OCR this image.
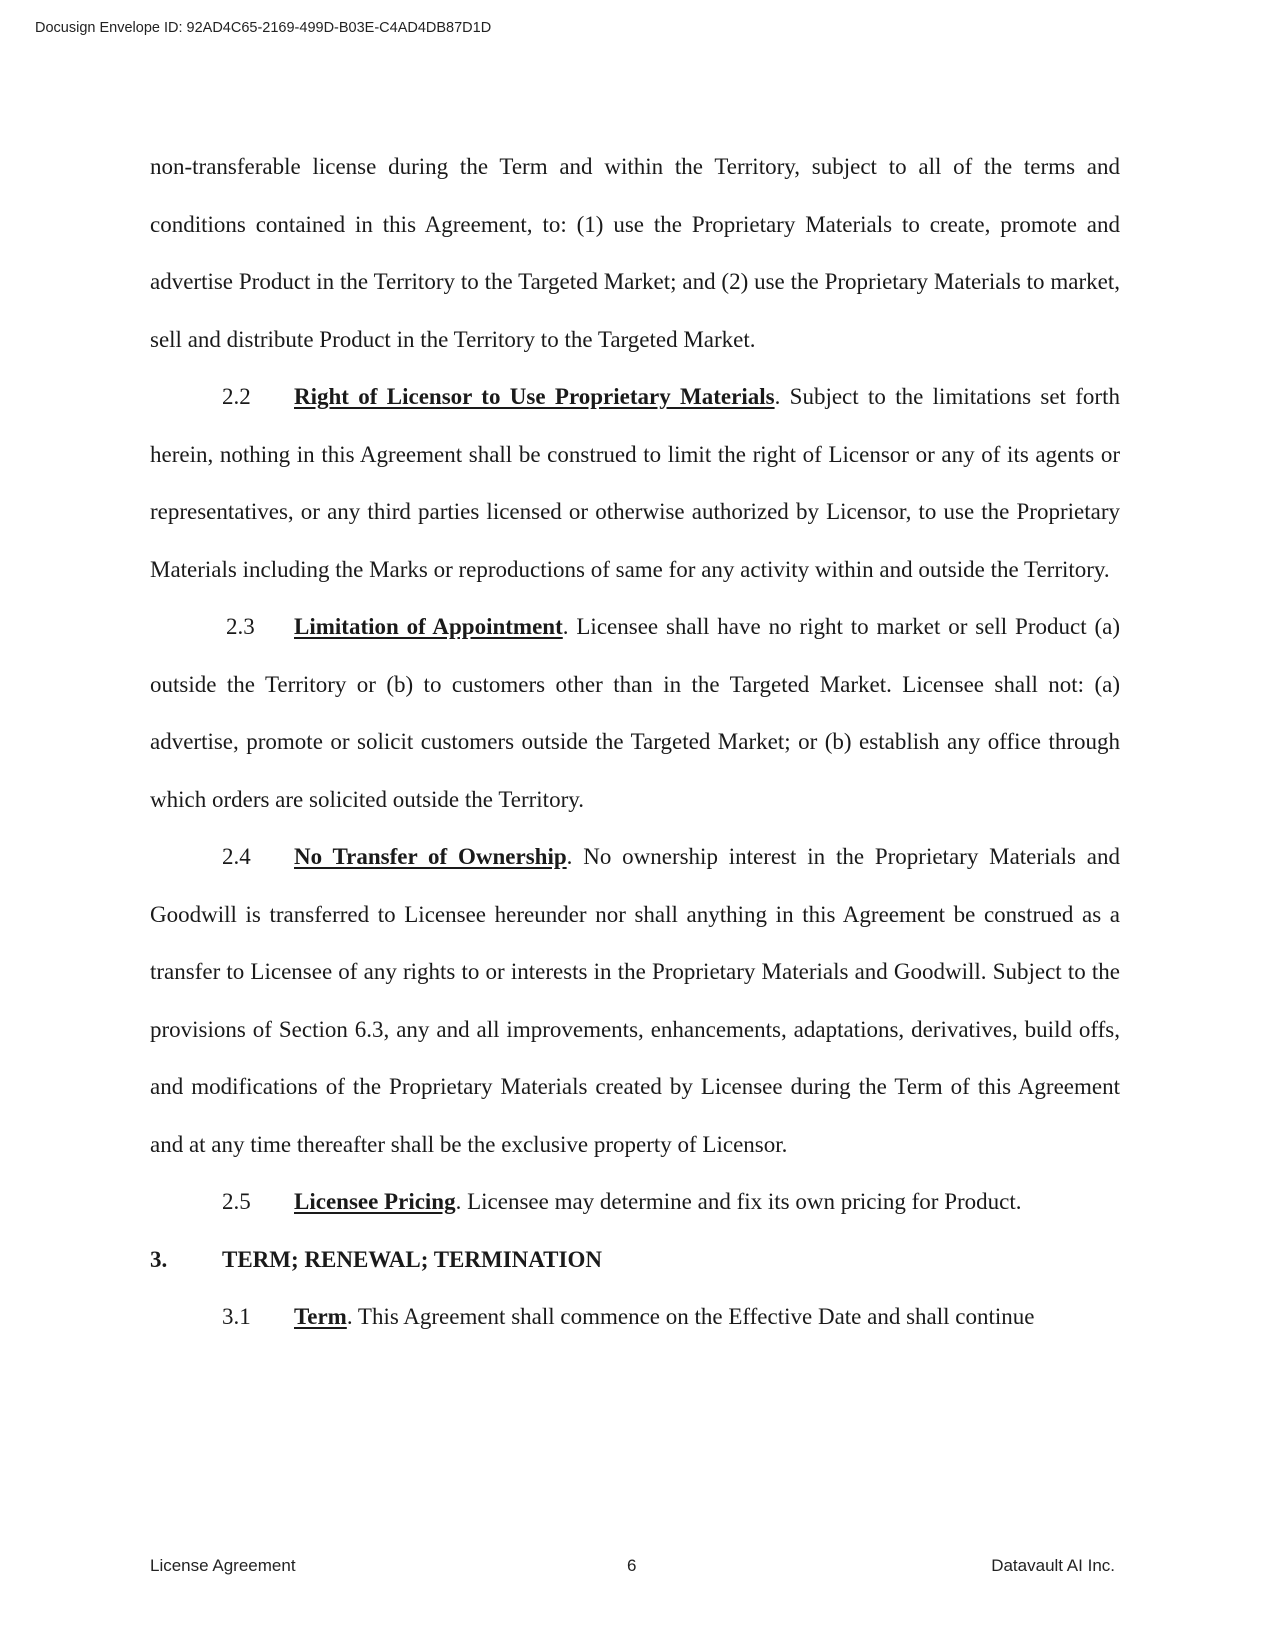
Docusign Envelope ID: 92AD4C65-2169-499D-B03E-C4AD4DB87D1D

non-transferable license during the Term and within the Territory, subject to all of the terms and conditions contained in this Agreement, to: (1) use the Proprietary Materials to create, promote and advertise Product in the Territory to the Targeted Market; and (2) use the Proprietary Materials to market, sell and distribute Product in the Territory to the Targeted Market.

2.2 Right of Licensor to Use Proprietary Materials. Subject to the limitations set forth herein, nothing in this Agreement shall be construed to limit the right of Licensor or any of its agents or representatives, or any third parties licensed or otherwise authorized by Licensor, to use the Proprietary Materials including the Marks or reproductions of same for any activity within and outside the Territory.

2.3 Limitation of Appointment. Licensee shall have no right to market or sell Product (a) outside the Territory or (b) to customers other than in the Targeted Market. Licensee shall not: (a) advertise, promote or solicit customers outside the Targeted Market; or (b) establish any office through which orders are solicited outside the Territory.

2.4 No Transfer of Ownership. No ownership interest in the Proprietary Materials and Goodwill is transferred to Licensee hereunder nor shall anything in this Agreement be construed as a transfer to Licensee of any rights to or interests in the Proprietary Materials and Goodwill. Subject to the provisions of Section 6.3, any and all improvements, enhancements, adaptations, derivatives, build offs, and modifications of the Proprietary Materials created by Licensee during the Term of this Agreement and at any time thereafter shall be the exclusive property of Licensor.

2.5 Licensee Pricing. Licensee may determine and fix its own pricing for Product.

3. TERM; RENEWAL; TERMINATION

3.1 Term. This Agreement shall commence on the Effective Date and shall continue

License Agreement	6	Datavault AI Inc.
